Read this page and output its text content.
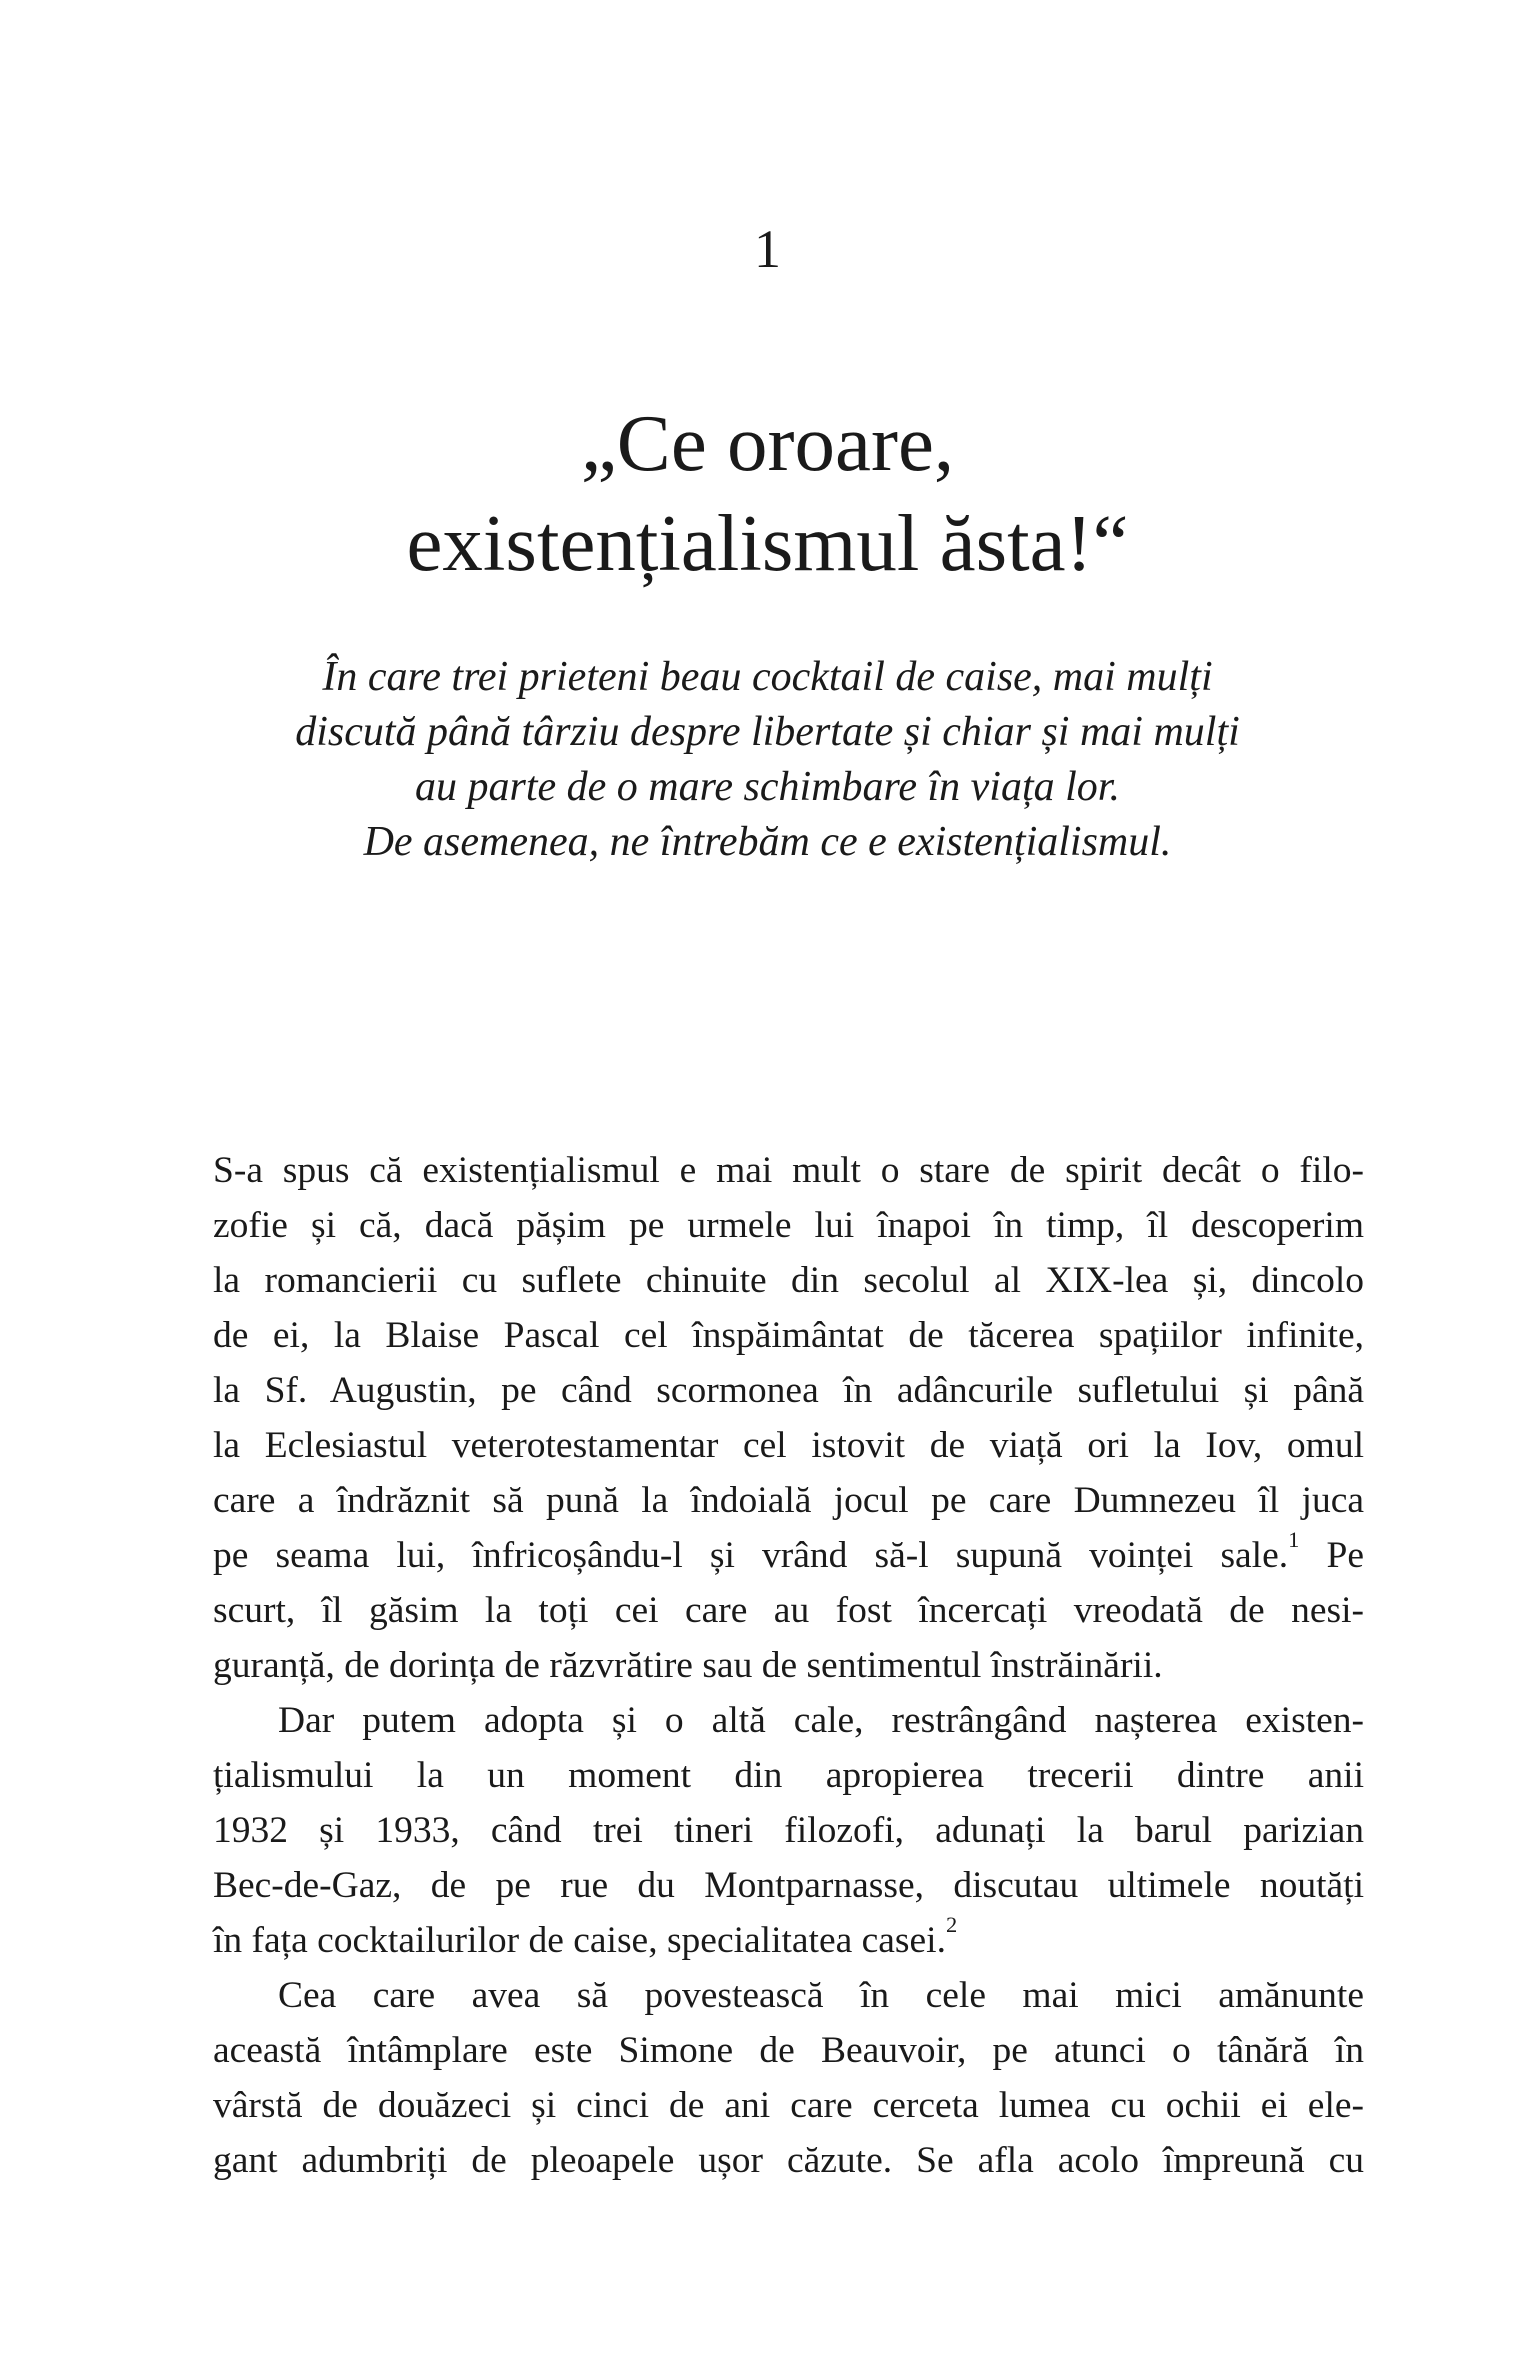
1
„Ce oroare,
existențialismul ăsta!“
În care trei prieteni beau cocktail de caise, mai mulți
discută până târziu despre libertate și chiar și mai mulți
au parte de o mare schimbare în viața lor.
De asemenea, ne întrebăm ce e existențialismul.
S-a spus că existențialismul e mai mult o stare de spirit decât o filo-
zofie și că, dacă pășim pe urmele lui înapoi în timp, îl descoperim
la romancierii cu suflete chinuite din secolul al XIX-lea și, dincolo
de ei, la Blaise Pascal cel înspăimântat de tăcerea spațiilor infinite,
la Sf. Augustin, pe când scormonea în adâncurile sufletului și până
la Eclesiastul veterotestamentar cel istovit de viață ori la Iov, omul
care a îndrăznit să pună la îndoială jocul pe care Dumnezeu îl juca
pe seama lui, înfricoșându-l și vrând să-l supună voinței sale.$^1$ Pe
scurt, îl găsim la toți cei care au fost încercați vreodată de nesi-
guranță, de dorința de răzvrătire sau de sentimentul înstrăinării.
Dar putem adopta și o altă cale, restrângând nașterea existen-
țialismului la un moment din apropierea trecerii dintre anii
1932 și 1933, când trei tineri filozofi, adunați la barul parizian
Bec-de-Gaz, de pe rue du Montparnasse, discutau ultimele noutăți
în fața cocktailurilor de caise, specialitatea casei.$^2$
Cea care avea să povestească în cele mai mici amănunte
această întâmplare este Simone de Beauvoir, pe atunci o tânără în
vârstă de douăzeci și cinci de ani care cerceta lumea cu ochii ei ele-
gant adumbriți de pleoapele ușor căzute. Se afla acolo împreună cu
